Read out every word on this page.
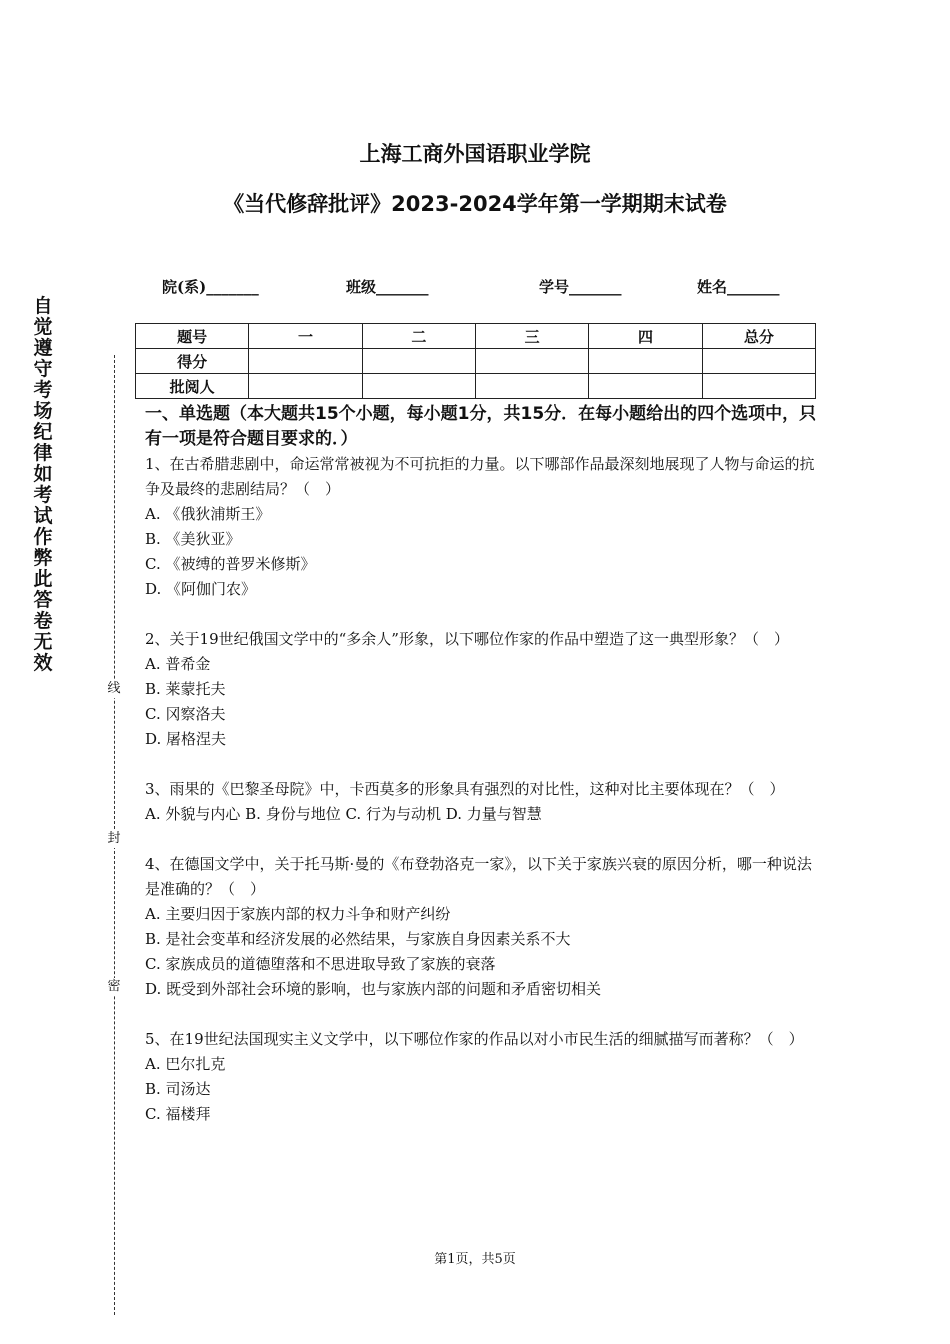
上海工商外国语职业学院
《当代修辞批评》2023-2024学年第一学期期末试卷
院(系)_______	班级_______	学号_______	姓名_______
题号	一	二	三	四	总分
得分					
批阅人					
自觉遵守考场纪律如考试作弊此答卷无效
线
封
密

一、单选题（本大题共15个小题，每小题1分，共15分．在每小题给出的四个选项中，只有一项是符合题目要求的．）

1、在古希腊悲剧中，命运常常被视为不可抗拒的力量。以下哪部作品最深刻地展现了人物与命运的抗争及最终的悲剧结局？（　）

A. 《俄狄浦斯王》

B. 《美狄亚》

C. 《被缚的普罗米修斯》

D. 《阿伽门农》

2、关于19世纪俄国文学中的“多余人”形象，以下哪位作家的作品中塑造了这一典型形象？（　）

A. 普希金

B. 莱蒙托夫

C. 冈察洛夫

D. 屠格涅夫

3、雨果的《巴黎圣母院》中，卡西莫多的形象具有强烈的对比性，这种对比主要体现在？（　）

A. 外貌与内心 B. 身份与地位 C. 行为与动机 D. 力量与智慧

4、在德国文学中，关于托马斯·曼的《布登勃洛克一家》，以下关于家族兴衰的原因分析，哪一种说法是准确的？（　）

A. 主要归因于家族内部的权力斗争和财产纠纷

B. 是社会变革和经济发展的必然结果，与家族自身因素关系不大

C. 家族成员的道德堕落和不思进取导致了家族的衰落

D. 既受到外部社会环境的影响，也与家族内部的问题和矛盾密切相关

5、在19世纪法国现实主义文学中，以下哪位作家的作品以对小市民生活的细腻描写而著称？（　）

A. 巴尔扎克

B. 司汤达

C. 福楼拜

第1页，共5页
